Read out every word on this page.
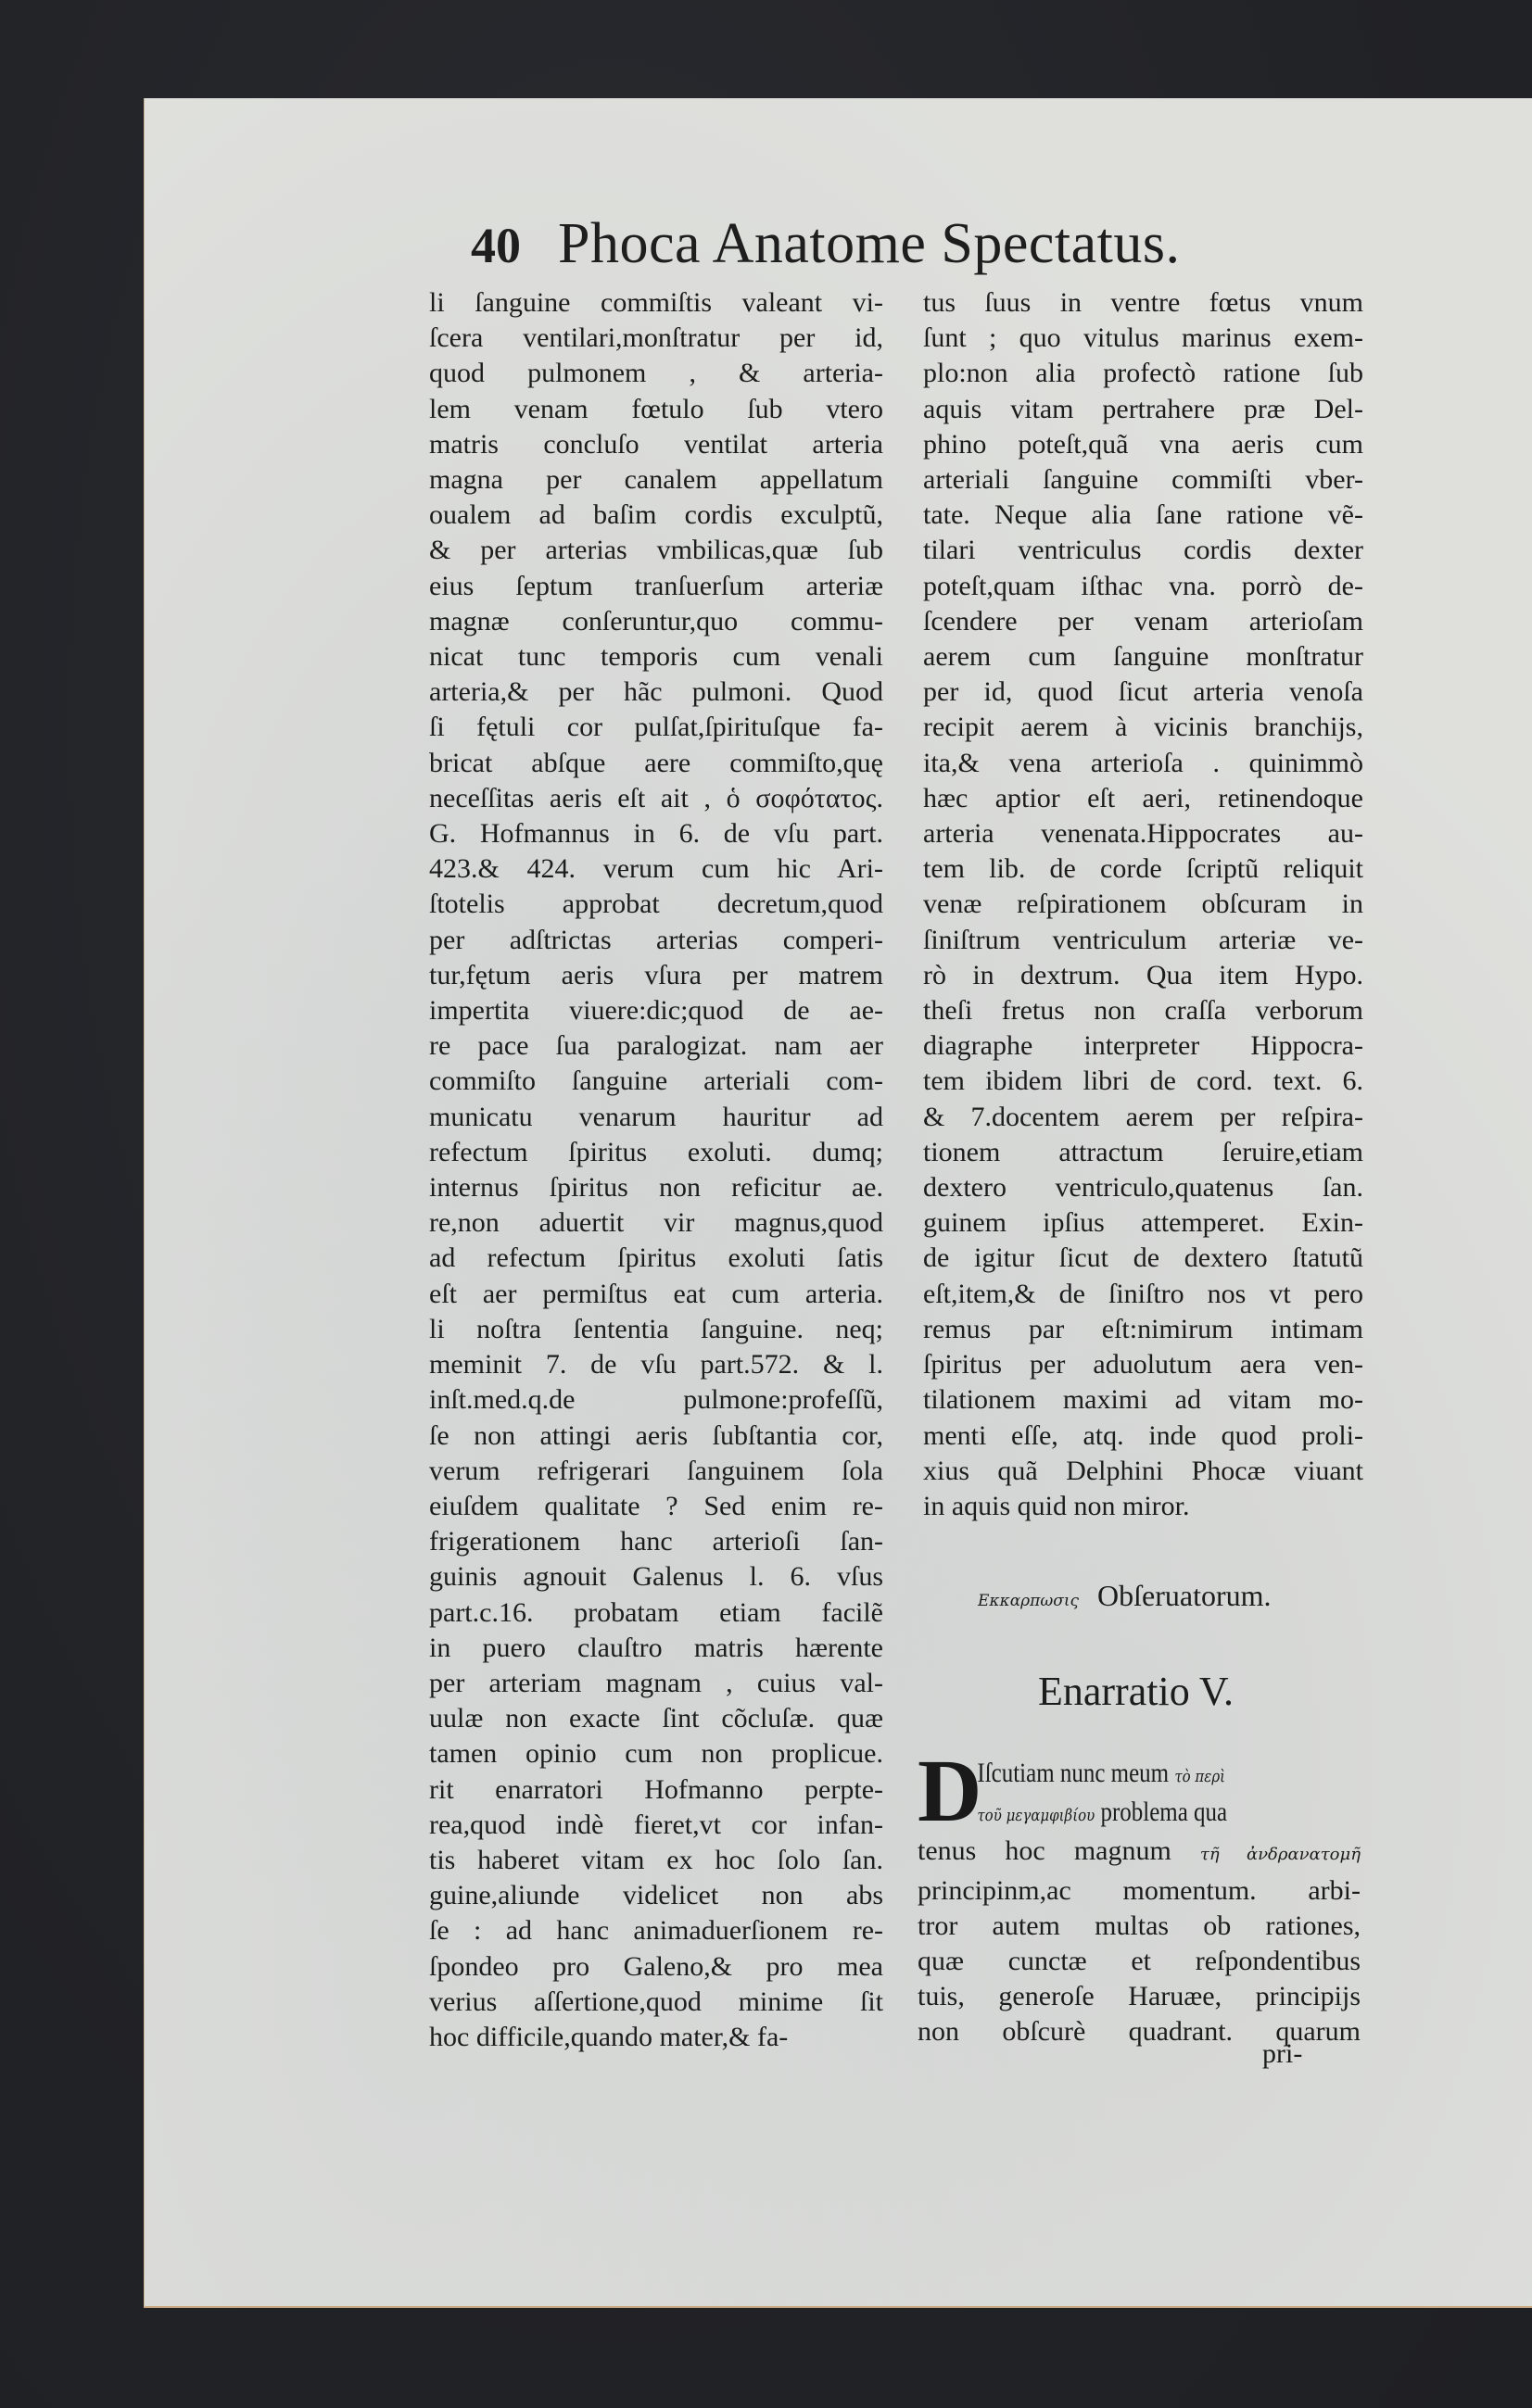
40 Phoca Anatome Spectatus.
li ſanguine commiſtis valeant vi-
ſcera ventilari,monſtratur per id,
quod pulmonem , & arteria-
lem venam fœtulo ſub vtero
matris concluſo ventilat arteria
magna per canalem appellatum
oualem ad baſim cordis exculptũ,
& per arterias vmbilicas,quæ ſub
eius ſeptum tranſuerſum arteriæ
magnæ conſeruntur,quo commu-
nicat tunc temporis cum venali
arteria,& per hãc pulmoni. Quod
ſi fętuli cor pulſat,ſpirituſque fa-
bricat abſque aere commiſto,quę
neceſſitas aeris eſt ait , ὁ σοφότατος.
G. Hofmannus in 6. de vſu part.
423.& 424. verum cum hic Ari-
ſtotelis approbat decretum,quod
per adſtrictas arterias comperi-
tur,fętum aeris vſura per matrem
impertita viuere:dic;quod de ae-
re pace ſua paralogizat. nam aer
commiſto ſanguine arteriali com-
municatu venarum hauritur ad
refectum ſpiritus exoluti. dumq;
internus ſpiritus non reficitur ae.
re,non aduertit vir magnus,quod
ad refectum ſpiritus exoluti ſatis
eſt aer permiſtus eat cum arteria.
li noſtra ſententia ſanguine. neq;
meminit 7. de vſu part.572. & l.
inſt.med.q.de pulmone:profeſſũ,
ſe non attingi aeris ſubſtantia cor,
verum refrigerari ſanguinem ſola
eiuſdem qualitate ? Sed enim re-
frigerationem hanc arterioſi ſan-
guinis agnouit Galenus l. 6. vſus
part.c.16. probatam etiam facilẽ
in puero clauſtro matris hærente
per arteriam magnam , cuius val-
uulæ non exacte ſint cõcluſæ. quæ
tamen opinio cum non proplicue.
rit enarratori Hofmanno perpte-
rea,quod indè fieret,vt cor infan-
tis haberet vitam ex hoc ſolo ſan.
guine,aliunde videlicet non abs
ſe : ad hanc animaduerſionem re-
ſpondeo pro Galeno,& pro mea
verius aſſertione,quod minime ſit
hoc difficile,quando mater,& fa-
tus ſuus in ventre fœtus vnum
ſunt ; quo vitulus marinus exem-
plo:non alia profectò ratione ſub
aquis vitam pertrahere præ Del-
phino poteſt,quã vna aeris cum
arteriali ſanguine commiſti vber-
tate. Neque alia ſane ratione vẽ-
tilari ventriculus cordis dexter
poteſt,quam iſthac vna. porrò de-
ſcendere per venam arterioſam
aerem cum ſanguine monſtratur
per id, quod ſicut arteria venoſa
recipit aerem à vicinis branchijs,
ita,& vena arterioſa . quinimmò
hæc aptior eſt aeri, retinendoque
arteria venenata.Hippocrates au-
tem lib. de corde ſcriptũ reliquit
venæ reſpirationem obſcuram in
ſiniſtrum ventriculum arteriæ ve-
rò in dextrum. Qua item Hypo.
theſi fretus non craſſa verborum
diagraphe interpreter Hippocra-
tem ibidem libri de cord. text. 6.
& 7.docentem aerem per reſpira-
tionem attractum ſeruire,etiam
dextero ventriculo,quatenus ſan.
guinem ipſius attemperet. Exin-
de igitur ſicut de dextero ſtatutũ
eſt,item,& de ſiniſtro nos vt pero
remus par eſt:nimirum intimam
ſpiritus per aduolutum aera ven-
tilationem maximi ad vitam mo-
menti eſſe, atq. inde quod proli-
xius quã Delphini Phocæ viuant
in aquis quid non miror.
Εκκαρπωσις Obſeruatorum.
Enarratio V.
D
Iſcutiam nunc meum τὸ περὶ
τοῦ μεγαμφιβίου problema qua
tenus hoc magnum τῆ ἀνδρανατομῆ
principinm,ac momentum. arbi-
tror autem multas ob rationes,
quæ cunctæ et reſpondentibus
tuis, generoſe Haruæe, principijs
non obſcurè quadrant. quarum
pri-
